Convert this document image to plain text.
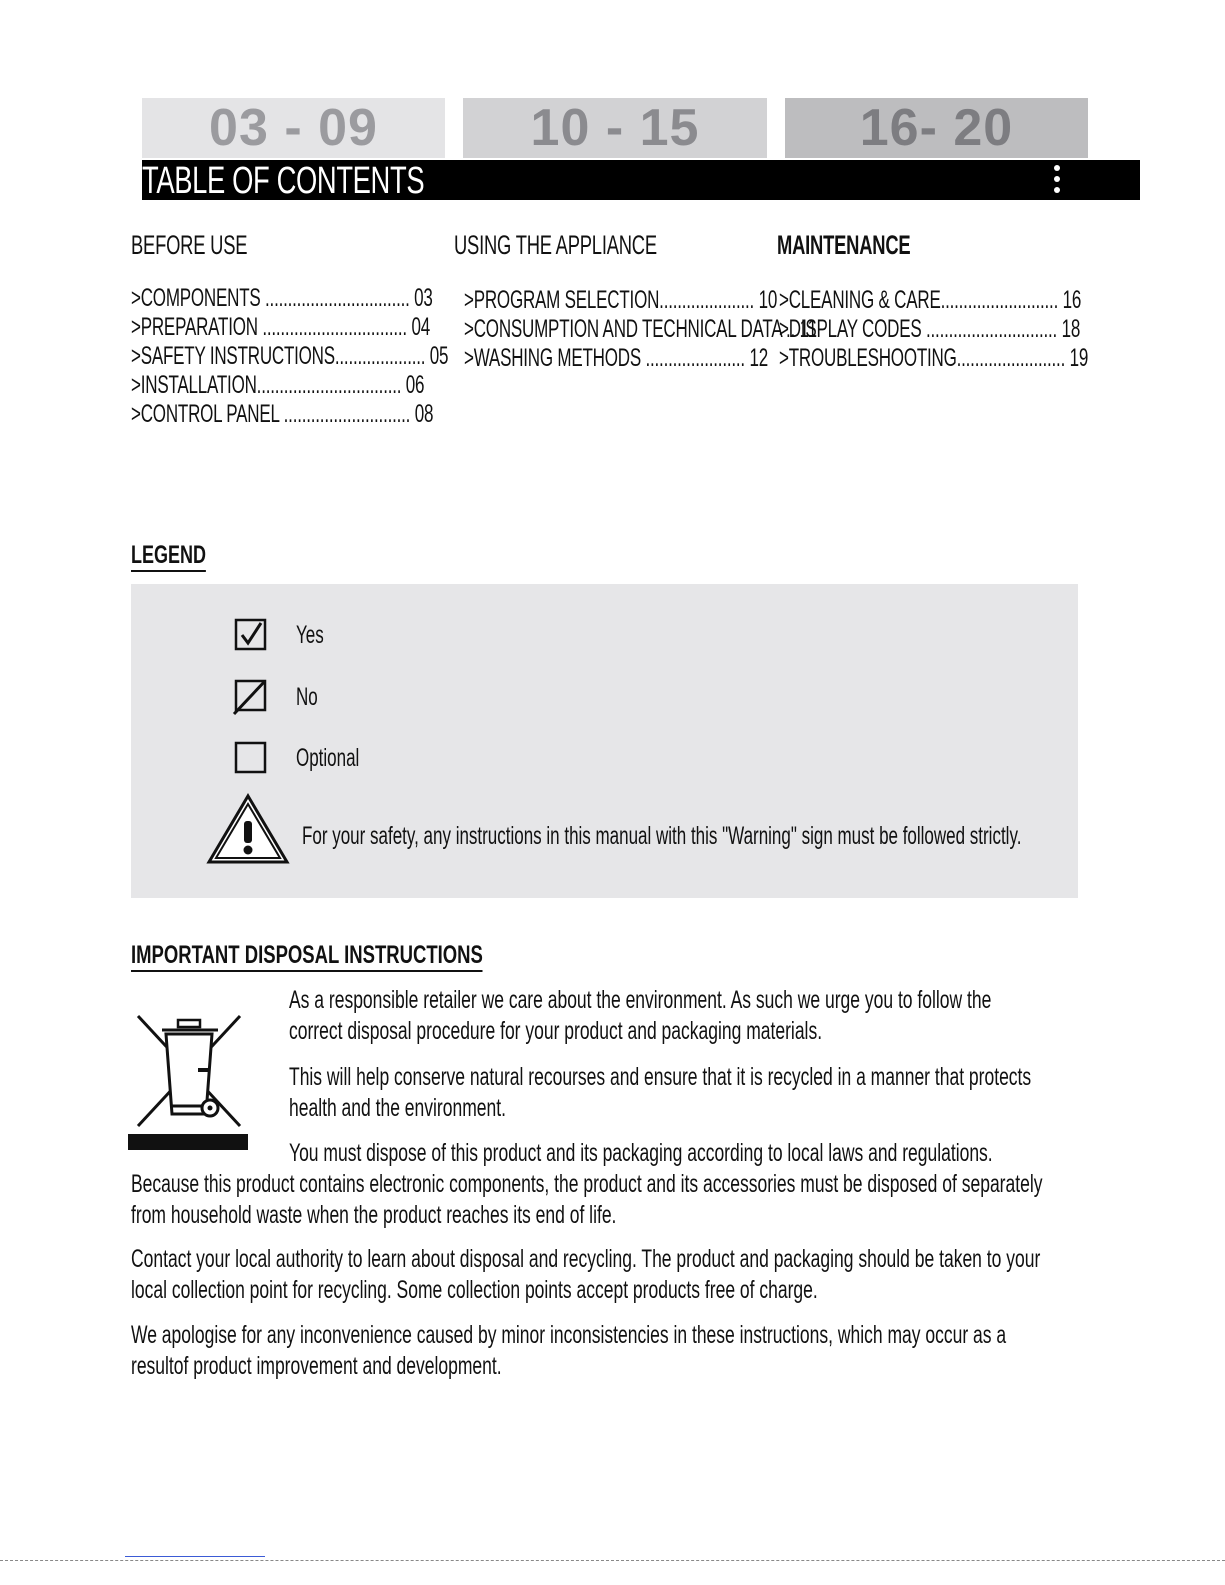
03 - 09	10 - 15	16- 20
TABLE OF CONTENTS
BEFORE USE
>COMPONENTS ................................ 03
>PREPARATION ................................ 04
>SAFETY INSTRUCTIONS.................... 05
>INSTALLATION................................ 06
>CONTROL PANEL ............................ 08
USING THE APPLIANCE
>PROGRAM SELECTION..................... 10
>CONSUMPTION AND TECHNICAL DATA .. 11
>WASHING METHODS ...................... 12
MAINTENANCE
>CLEANING & CARE.......................... 16
>DISPLAY CODES ............................. 18
>TROUBLESHOOTING........................ 19
LEGEND
Yes
No
Optional
For your safety, any instructions in this manual with this "Warning" sign must be followed strictly.
IMPORTANT DISPOSAL INSTRUCTIONS
As a responsible retailer we care about the environment. As such we urge you to follow the
correct disposal procedure for your product and packaging materials.
This will help conserve natural recourses and ensure that it is recycled in a manner that protects
health and the environment.
You must dispose of this product and its packaging according to local laws and regulations.
Because this product contains electronic components, the product and its accessories must be disposed of separately
from household waste when the product reaches its end of life.
Contact your local authority to learn about disposal and recycling. The product and packaging should be taken to your
local collection point for recycling. Some collection points accept products free of charge.
We apologise for any inconvenience caused by minor inconsistencies in these instructions, which may occur as a
resultof product improvement and development.
